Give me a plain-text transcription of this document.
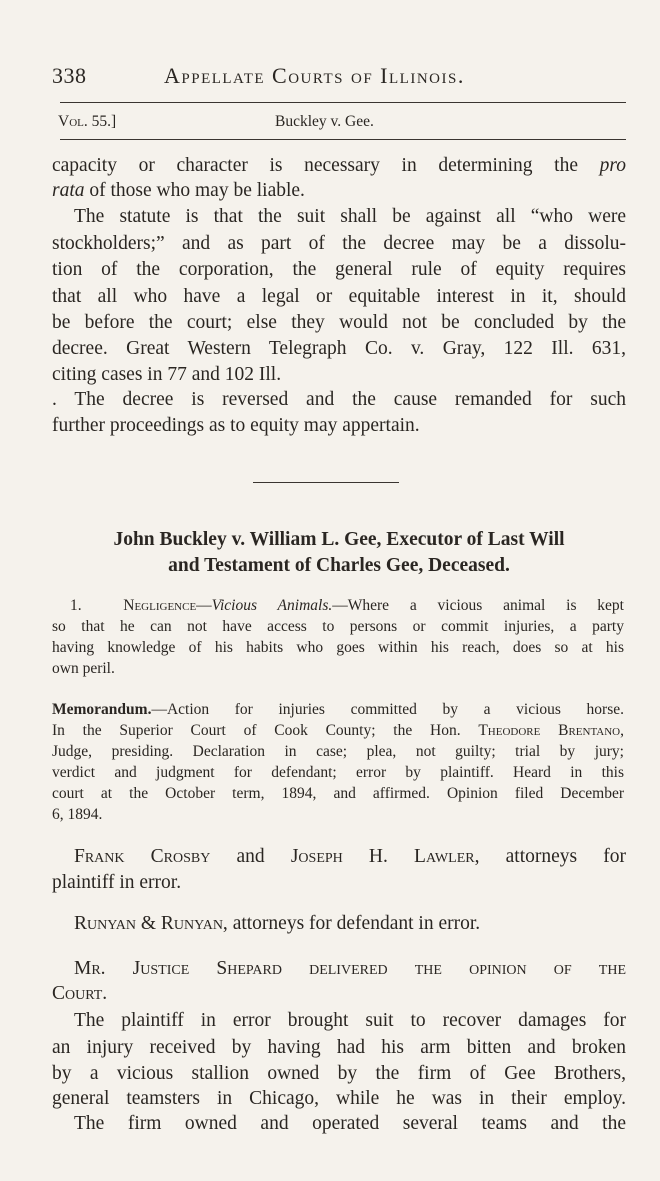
338	Appellate Courts of Illinois.
Vol. 55.]	Buckley v. Gee.
capacity or character is necessary in determining the pro
rata of those who may be liable.
The statute is that the suit shall be against all “who were
stockholders;” and as part of the decree may be a dissolu-
tion of the corporation, the general rule of equity requires
that all who have a legal or equitable interest in it, should
be before the court; else they would not be concluded by the
decree. Great Western Telegraph Co. v. Gray, 122 Ill. 631,
citing cases in 77 and 102 Ill.
. The decree is reversed and the cause remanded for such
further proceedings as to equity may appertain.
John Buckley v. William L. Gee, Executor of Last Will
and Testament of Charles Gee, Deceased.
1.	Negligence—Vicious Animals.—Where a vicious animal is kept
so that he can not have access to persons or commit injuries, a party
having knowledge of his habits who goes within his reach, does so at his
own peril.
Memorandum.—Action for injuries committed by a vicious horse.
In the Superior Court of Cook County; the Hon. Theodore Brentano,
Judge, presiding. Declaration in case; plea, not guilty; trial by jury;
verdict and judgment for defendant; error by plaintiff. Heard in this
court at the October term, 1894, and affirmed. Opinion filed December
6, 1894.
Frank Crosby and Joseph H. Lawler, attorneys for
plaintiff in error.
Runyan & Runyan, attorneys for defendant in error.
Mr. Justice Shepard delivered the opinion of the
Court.
The plaintiff in error brought suit to recover damages for
an injury received by having had his arm bitten and broken
by a vicious stallion owned by the firm of Gee Brothers,
general teamsters in Chicago, while he was in their employ.
The firm owned and operated several teams and the
